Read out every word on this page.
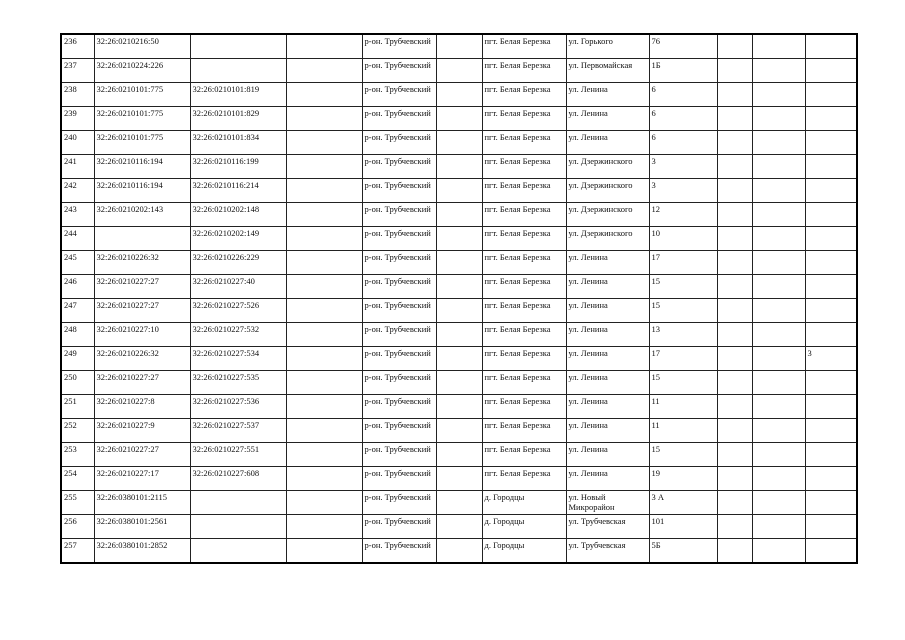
236	32:26:0210216:50			р-он. Трубчевский		пгт. Белая Березка	ул. Горького	76			
237	32:26:0210224:226			р-он. Трубчевский		пгт. Белая Березка	ул. Первомайская	1Б			
238	32:26:0210101:775	32:26:0210101:819		р-он. Трубчевский		пгт. Белая Березка	ул. Ленина	6			
239	32:26:0210101:775	32:26:0210101:829		р-он. Трубчевский		пгт. Белая Березка	ул. Ленина	6			
240	32:26:0210101:775	32:26:0210101:834		р-он. Трубчевский		пгт. Белая Березка	ул. Ленина	6			
241	32:26:0210116:194	32:26:0210116:199		р-он. Трубчевский		пгт. Белая Березка	ул. Дзержинского	3			
242	32:26:0210116:194	32:26:0210116:214		р-он. Трубчевский		пгт. Белая Березка	ул. Дзержинского	3			
243	32:26:0210202:143	32:26:0210202:148		р-он. Трубчевский		пгт. Белая Березка	ул. Дзержинского	12			
244		32:26:0210202:149		р-он. Трубчевский		пгт. Белая Березка	ул. Дзержинского	10			
245	32:26:0210226:32	32:26:0210226:229		р-он. Трубчевский		пгт. Белая Березка	ул. Ленина	17			
246	32:26:0210227:27	32:26:0210227:40		р-он. Трубчевский		пгт. Белая Березка	ул. Ленина	15			
247	32:26:0210227:27	32:26:0210227:526		р-он. Трубчевский		пгт. Белая Березка	ул. Ленина	15			
248	32:26:0210227:10	32:26:0210227:532		р-он. Трубчевский		пгт. Белая Березка	ул. Ленина	13			
249	32:26:0210226:32	32:26:0210227:534		р-он. Трубчевский		пгт. Белая Березка	ул. Ленина	17			3
250	32:26:0210227:27	32:26:0210227:535		р-он. Трубчевский		пгт. Белая Березка	ул. Ленина	15			
251	32:26:0210227:8	32:26:0210227:536		р-он. Трубчевский		пгт. Белая Березка	ул. Ленина	11			
252	32:26:0210227:9	32:26:0210227:537		р-он. Трубчевский		пгт. Белая Березка	ул. Ленина	11			
253	32:26:0210227:27	32:26:0210227:551		р-он. Трубчевский		пгт. Белая Березка	ул. Ленина	15			
254	32:26:0210227:17	32:26:0210227:608		р-он. Трубчевский		пгт. Белая Березка	ул. Ленина	19			
255	32:26:0380101:2115			р-он. Трубчевский		д. Городцы	ул. Новый Микрорайон	3 А			
256	32:26:0380101:2561			р-он. Трубчевский		д. Городцы	ул. Трубчевская	101			
257	32:26:0380101:2852			р-он. Трубчевский		д. Городцы	ул. Трубчевская	5Б			
